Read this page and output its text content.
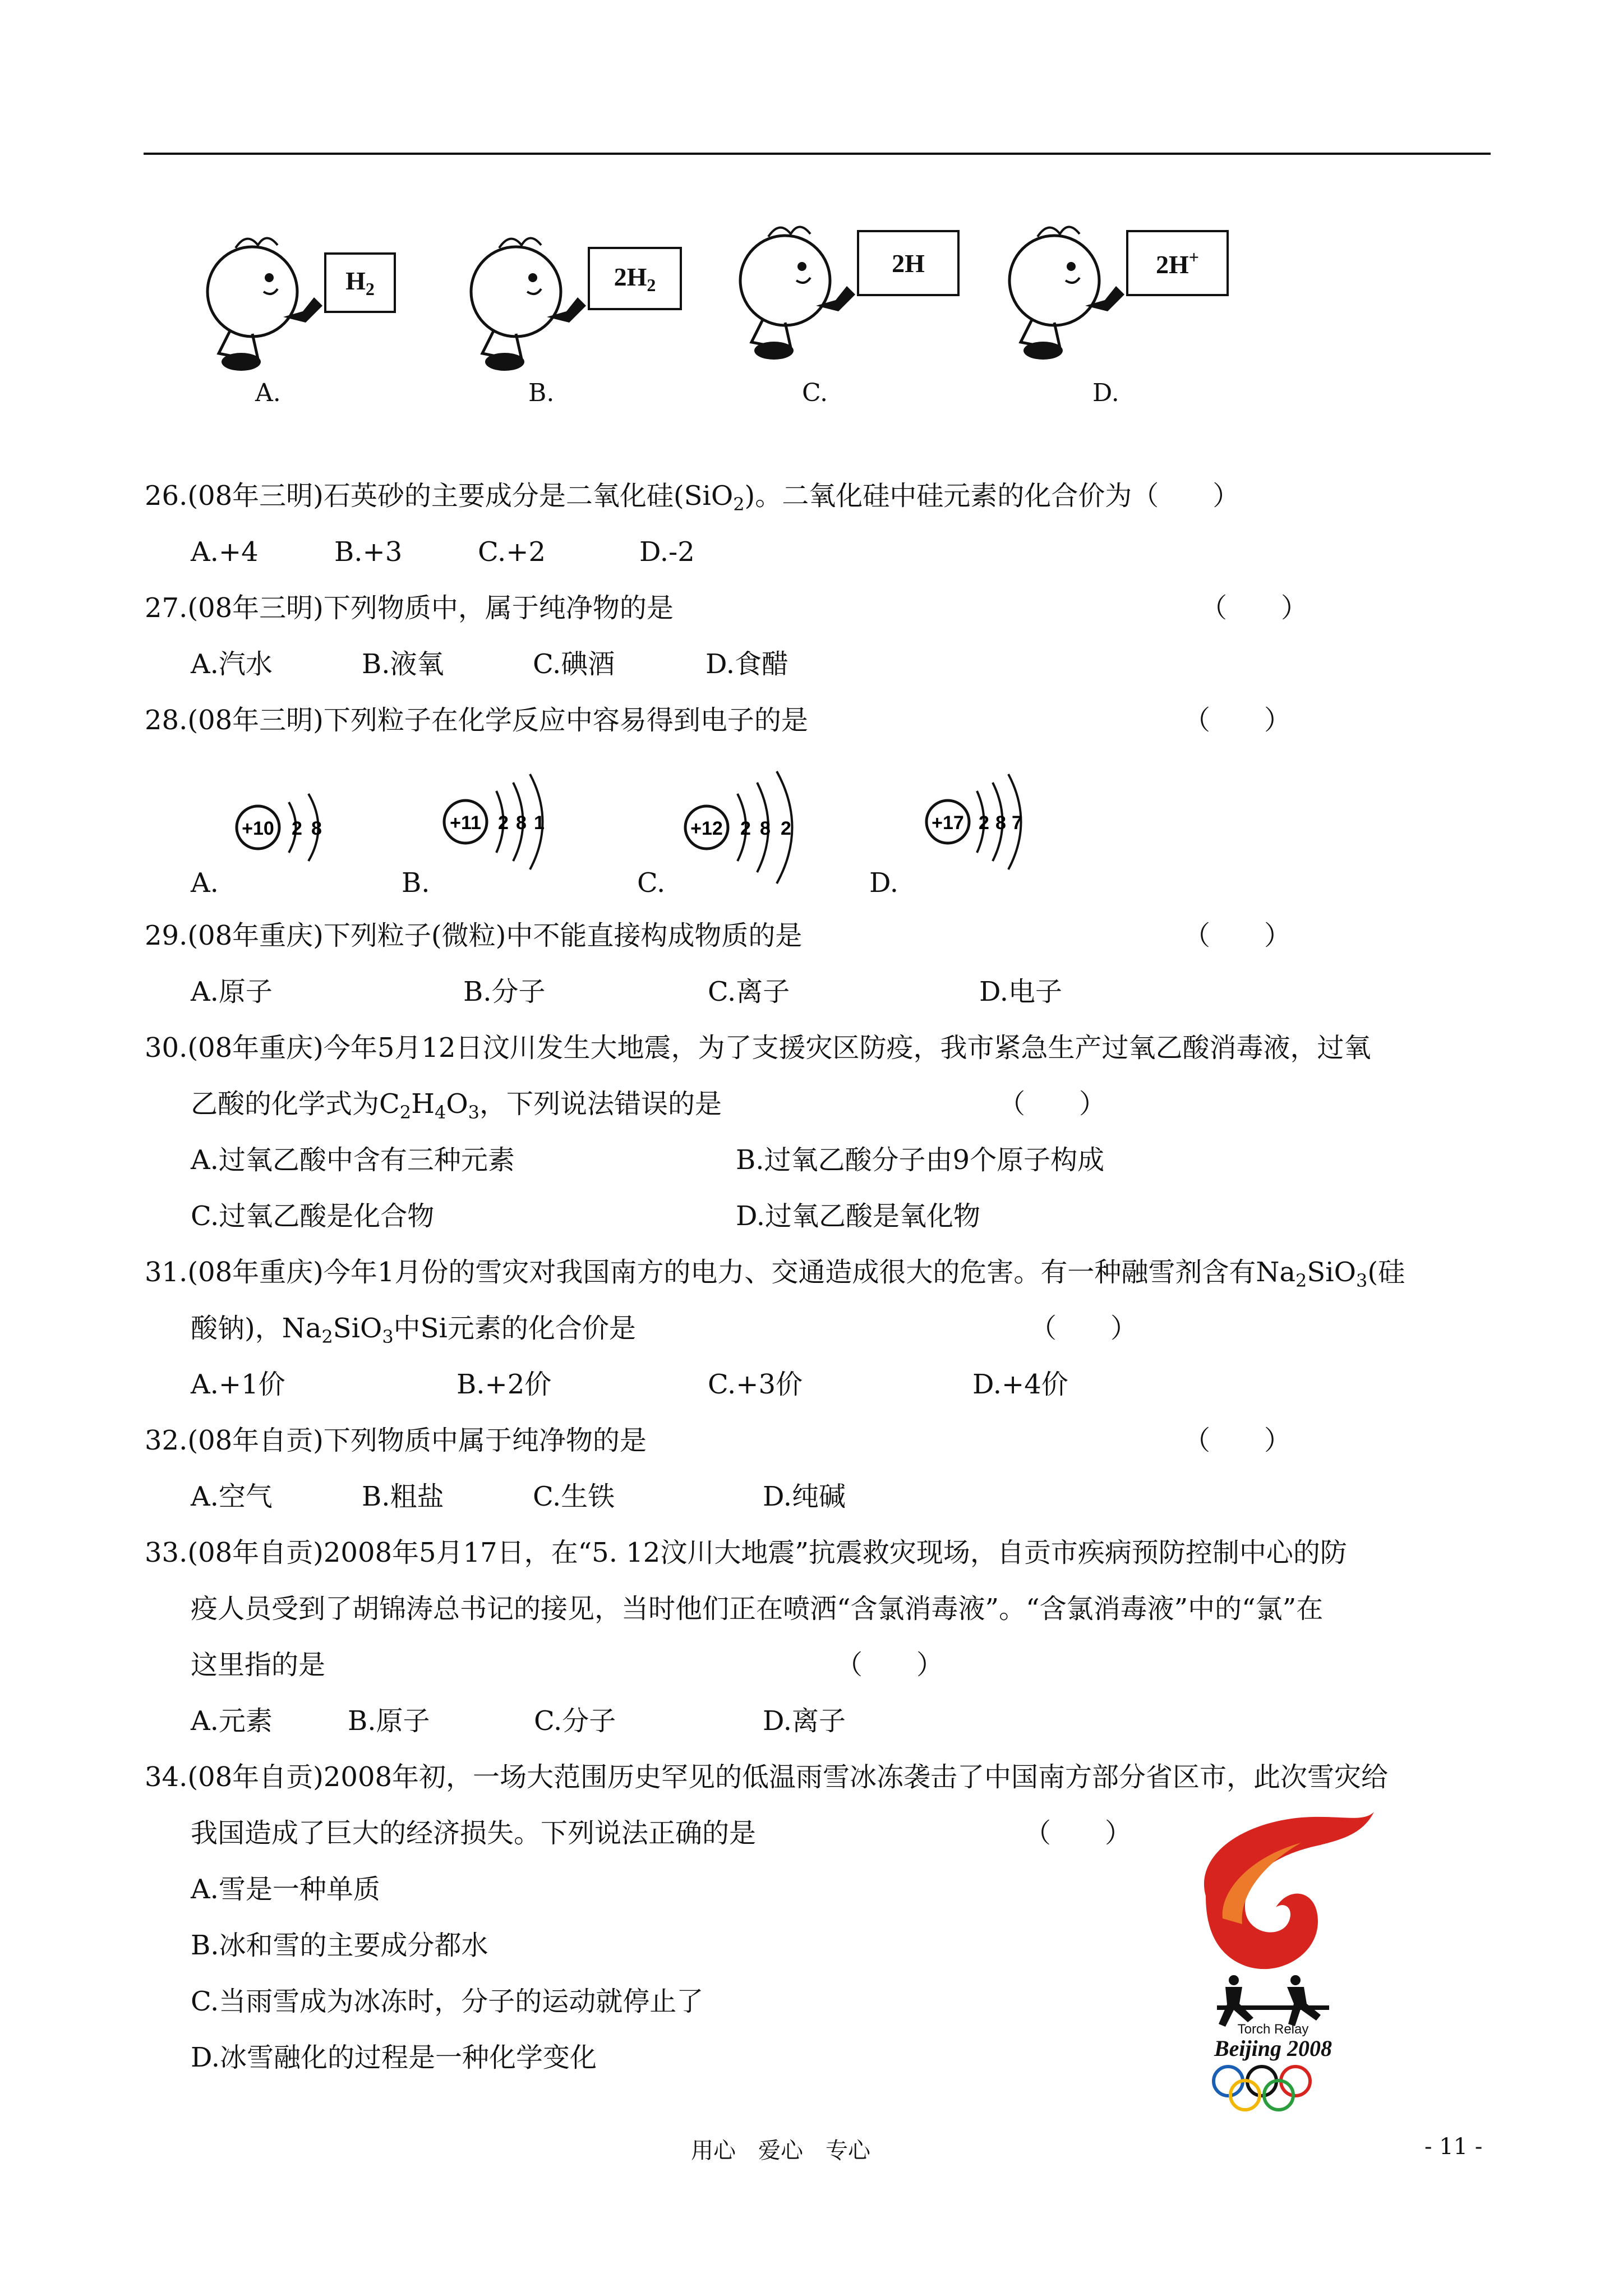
$H_2$	$2H_2$
2H	2H+
A.	B.	C.	D.
26.(08年三明)石英砂的主要成分是二氧化硅(SiO$_2$)。二氧化硅中硅元素的化合价为（　　）
A.+4	B.+3	C.+2	D.-2
27.(08年三明)下列物质中，属于纯净物的是	（　　）
A.汽水	B.液氧	C.碘酒	D.食醋
28.(08年三明)下列粒子在化学反应中容易得到电子的是	（　　）
+10 2 8	+11 2 8 1	+12 2 8 2	+17 2 8 7
A.	B.	C.	D.
29.(08年重庆)下列粒子(微粒)中不能直接构成物质的是	（　　）
A.原子	B.分子	C.离子	D.电子
30.(08年重庆)今年5月12日汶川发生大地震，为了支援灾区防疫，我市紧急生产过氧乙酸消毒液，过氧
乙酸的化学式为$C_2H_4O_3$，下列说法错误的是	（　　）
A.过氧乙酸中含有三种元素	B.过氧乙酸分子由9个原子构成
C.过氧乙酸是化合物	D.过氧乙酸是氧化物
31.(08年重庆)今年1月份的雪灾对我国南方的电力、交通造成很大的危害。有一种融雪剂含有$Na_2SiO_3$(硅
酸钠)，$Na_2SiO_3$中Si元素的化合价是	（　　）
A.+1价	B.+2价	C.+3价	D.+4价
32.(08年自贡)下列物质中属于纯净物的是	（　　）
A.空气	B.粗盐	C.生铁	D.纯碱
33.(08年自贡)2008年5月17日，在“5. 12汶川大地震”抗震救灾现场，自贡市疾病预防控制中心的防
疫人员受到了胡锦涛总书记的接见，当时他们正在喷洒“含氯消毒液”。“含氯消毒液”中的“氯”在
这里指的是	（　　）
A.元素	B.原子	C.分子	D.离子
34.(08年自贡)2008年初，一场大范围历史罕见的低温雨雪冰冻袭击了中国南方部分省区市，此次雪灾给
我国造成了巨大的经济损失。下列说法正确的是	（　　）
A.雪是一种单质
B.冰和雪的主要成分都水
C.当雨雪成为冰冻时，分子的运动就停止了
D.冰雪融化的过程是一种化学变化
Torch Relay
Beijing 2008
用心　爱心　专心	- 11 -
